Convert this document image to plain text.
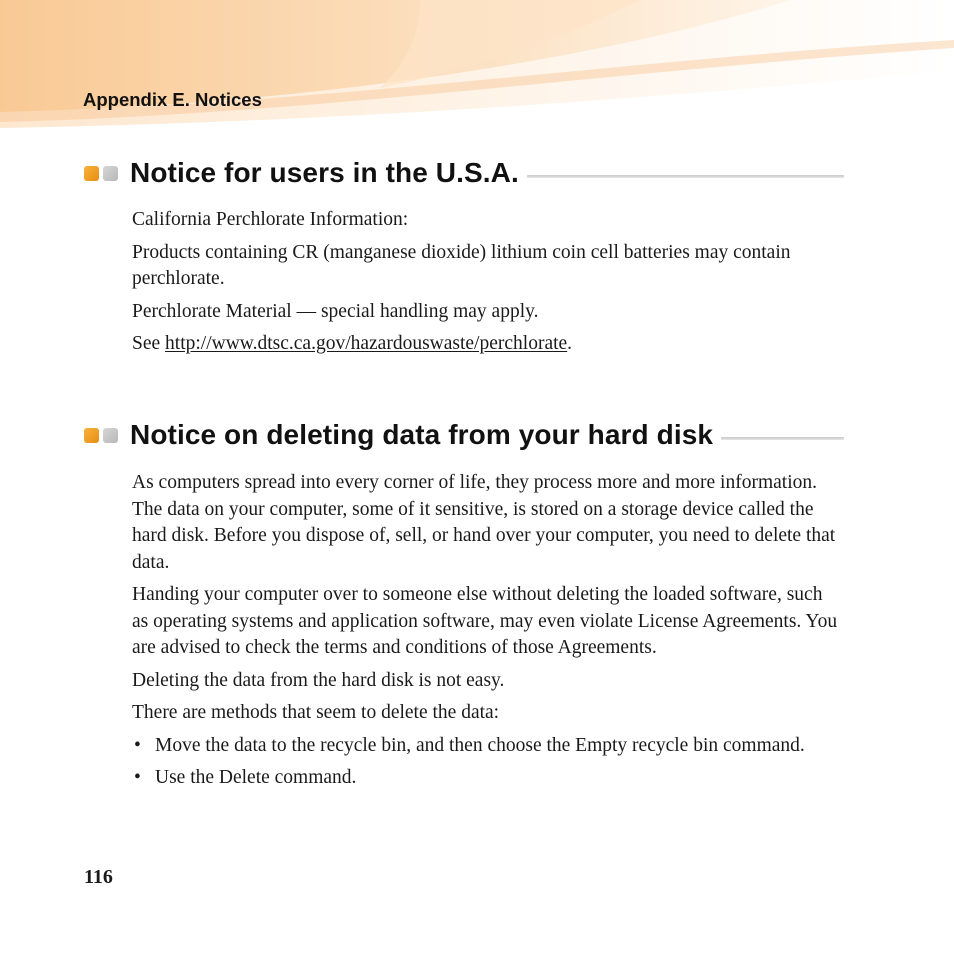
Appendix E. Notices
Notice for users in the U.S.A.

California Perchlorate Information:

Products containing CR (manganese dioxide) lithium coin cell batteries may contain perchlorate.

Perchlorate Material — special handling may apply.

See http://www.dtsc.ca.gov/hazardouswaste/perchlorate.

Notice on deleting data from your hard disk

As computers spread into every corner of life, they process more and more information. The data on your computer, some of it sensitive, is stored on a storage device called the hard disk. Before you dispose of, sell, or hand over your computer, you need to delete that data.

Handing your computer over to someone else without deleting the loaded software, such as operating systems and application software, may even violate License Agreements. You are advised to check the terms and conditions of those Agreements.

Deleting the data from the hard disk is not easy.

There are methods that seem to delete the data:

• Move the data to the recycle bin, and then choose the Empty recycle bin command.
• Use the Delete command.
116
